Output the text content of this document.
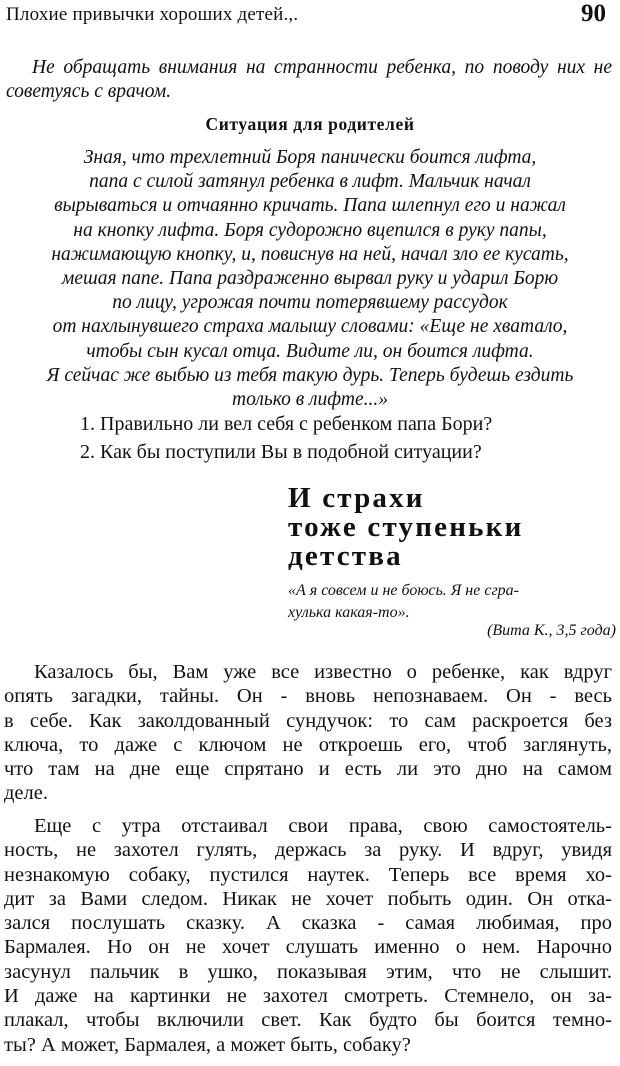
Плохие привычки хороших детей.,.	90

Не обращать внимания на странности ребенка, по поводу них не советуясь с врачом.

Ситуация для родителей

Зная, что трехлетний Боря панически боится лифта,
папа с силой затянул ребенка в лифт. Мальчик начал
вырываться и отчаянно кричать. Папа шлепнул его и нажал
на кнопку лифта. Боря судорожно вцепился в руку папы,
нажимающую кнопку, и, повиснув на ней, начал зло ее кусать,
мешая папе. Папа раздраженно вырвал руку и ударил Борю
по лицу, угрожая почти потерявшему рассудок
от нахлынувшего страха малышу словами: «Еще не хватало,
чтобы сын кусал отца. Видите ли, он боится лифта.
Я сейчас же выбью из тебя такую дурь. Теперь будешь ездить
только в лифте...»

1. Правильно ли вел себя с ребенком папа Бори?
2. Как бы поступили Вы в подобной ситуации?
И страхи
тоже ступеньки
детства

«А я совсем и не боюсь. Я не сгра-
хулька какая-то».

(Вита К., 3,5 года)

Казалось бы, Вам уже все известно о ребенке, как вдруг
опять загадки, тайны. Он - вновь непознаваем. Он - весь
в себе. Как заколдованный сундучок: то сам раскроется без
ключа, то даже с ключом не откроешь его, чтоб заглянуть,
что там на дне еще спрятано и есть ли это дно на самом
деле.

Еще с утра отстаивал свои права, свою самостоятель-
ность, не захотел гулять, держась за руку. И вдруг, увидя
незнакомую собаку, пустился наутек. Теперь все время хо-
дит за Вами следом. Никак не хочет побыть один. Он отка-
зался послушать сказку. А сказка - самая любимая, про
Бармалея. Но он не хочет слушать именно о нем. Нарочно
засунул пальчик в ушко, показывая этим, что не слышит.
И даже на картинки не захотел смотреть. Стемнело, он за-
плакал, чтобы включили свет. Как будто бы боится темно-
ты? А может, Бармалея, а может быть, собаку?
